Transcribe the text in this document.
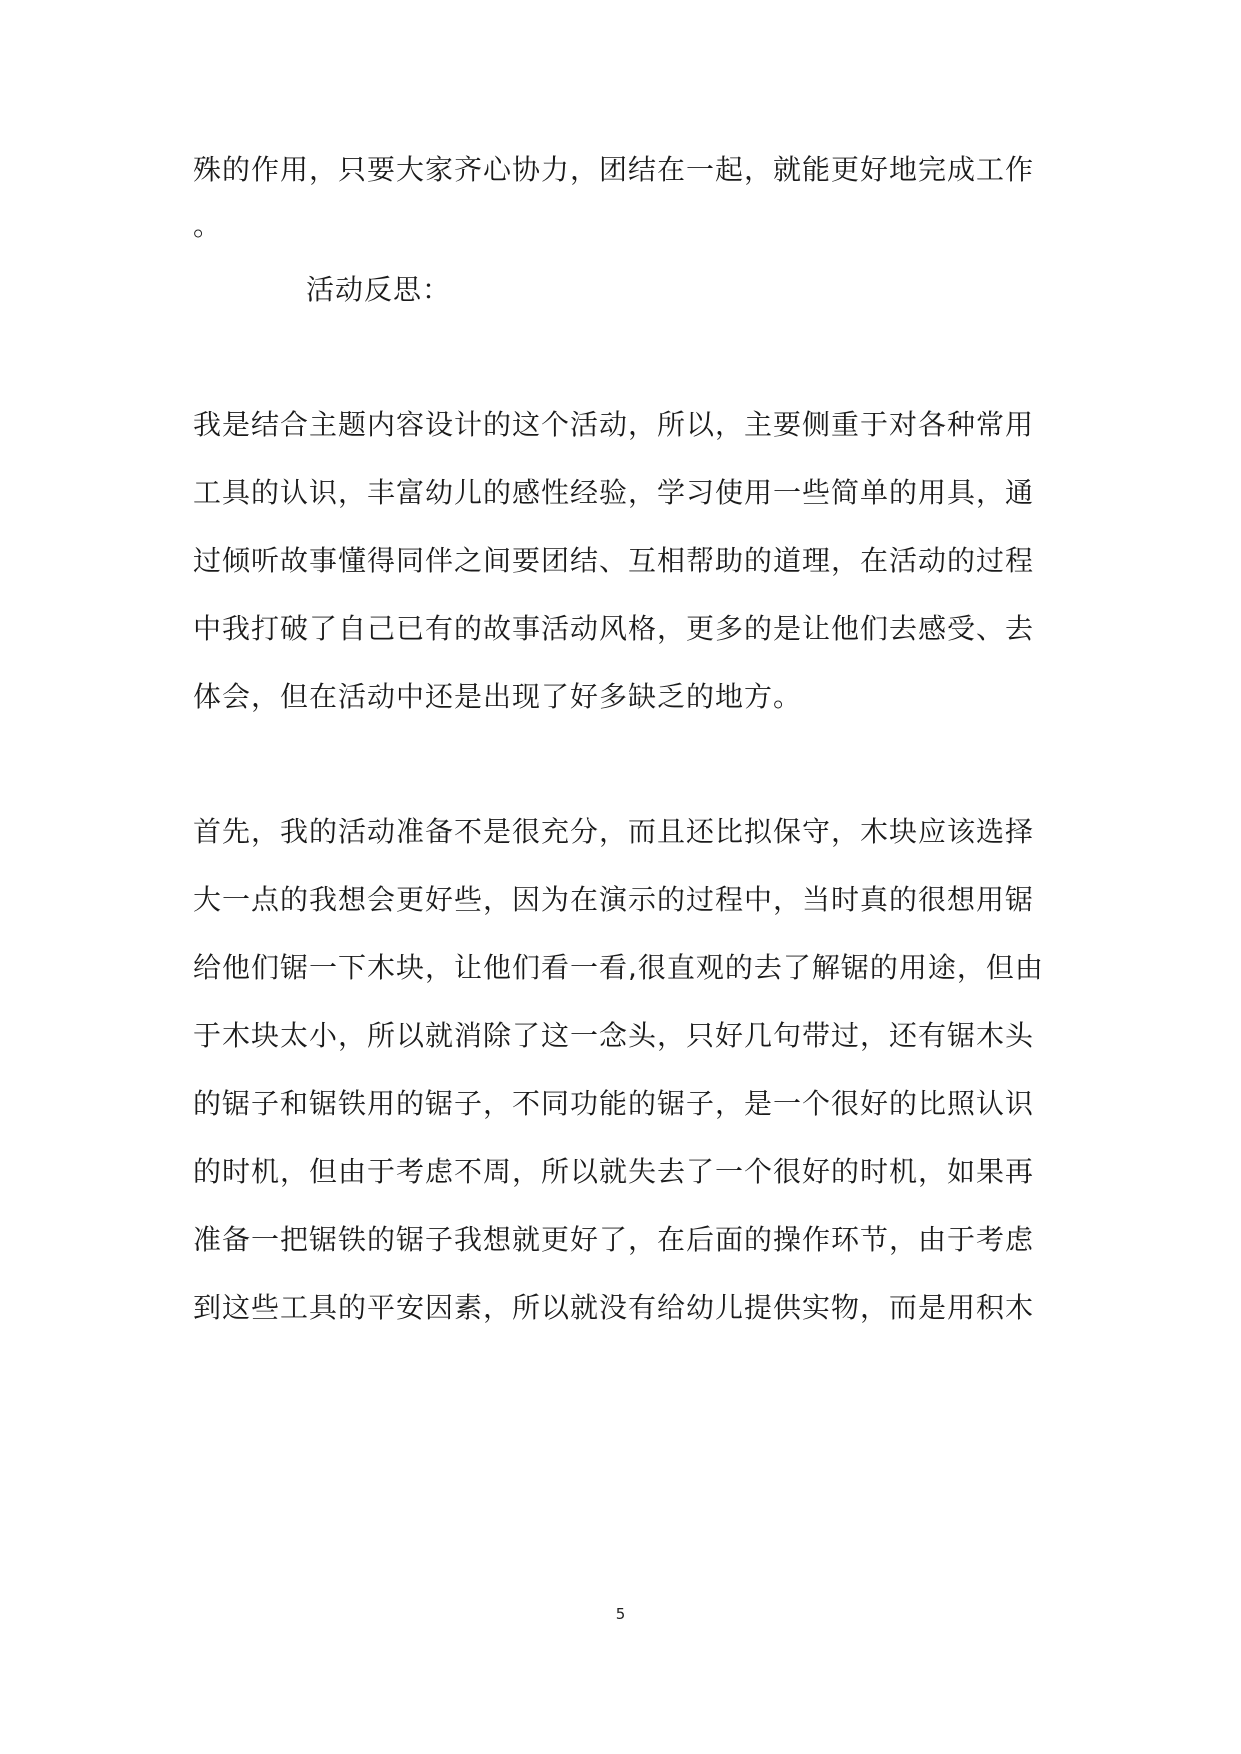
殊的作用，只要大家齐心协力，团结在一起，就能更好地完成工作
。
活动反思：
我是结合主题内容设计的这个活动，所以，主要侧重于对各种常用
工具的认识，丰富幼儿的感性经验，学习使用一些简单的用具，通
过倾听故事懂得同伴之间要团结、互相帮助的道理，在活动的过程
中我打破了自己已有的故事活动风格，更多的是让他们去感受、去
体会，但在活动中还是出现了好多缺乏的地方。
首先，我的活动准备不是很充分，而且还比拟保守，木块应该选择
大一点的我想会更好些，因为在演示的过程中，当时真的很想用锯
给他们锯一下木块，让他们看一看,很直观的去了解锯的用途，但由
于木块太小，所以就消除了这一念头，只好几句带过，还有锯木头
的锯子和锯铁用的锯子，不同功能的锯子，是一个很好的比照认识
的时机，但由于考虑不周，所以就失去了一个很好的时机，如果再
准备一把锯铁的锯子我想就更好了，在后面的操作环节，由于考虑
到这些工具的平安因素，所以就没有给幼儿提供实物，而是用积木
5
